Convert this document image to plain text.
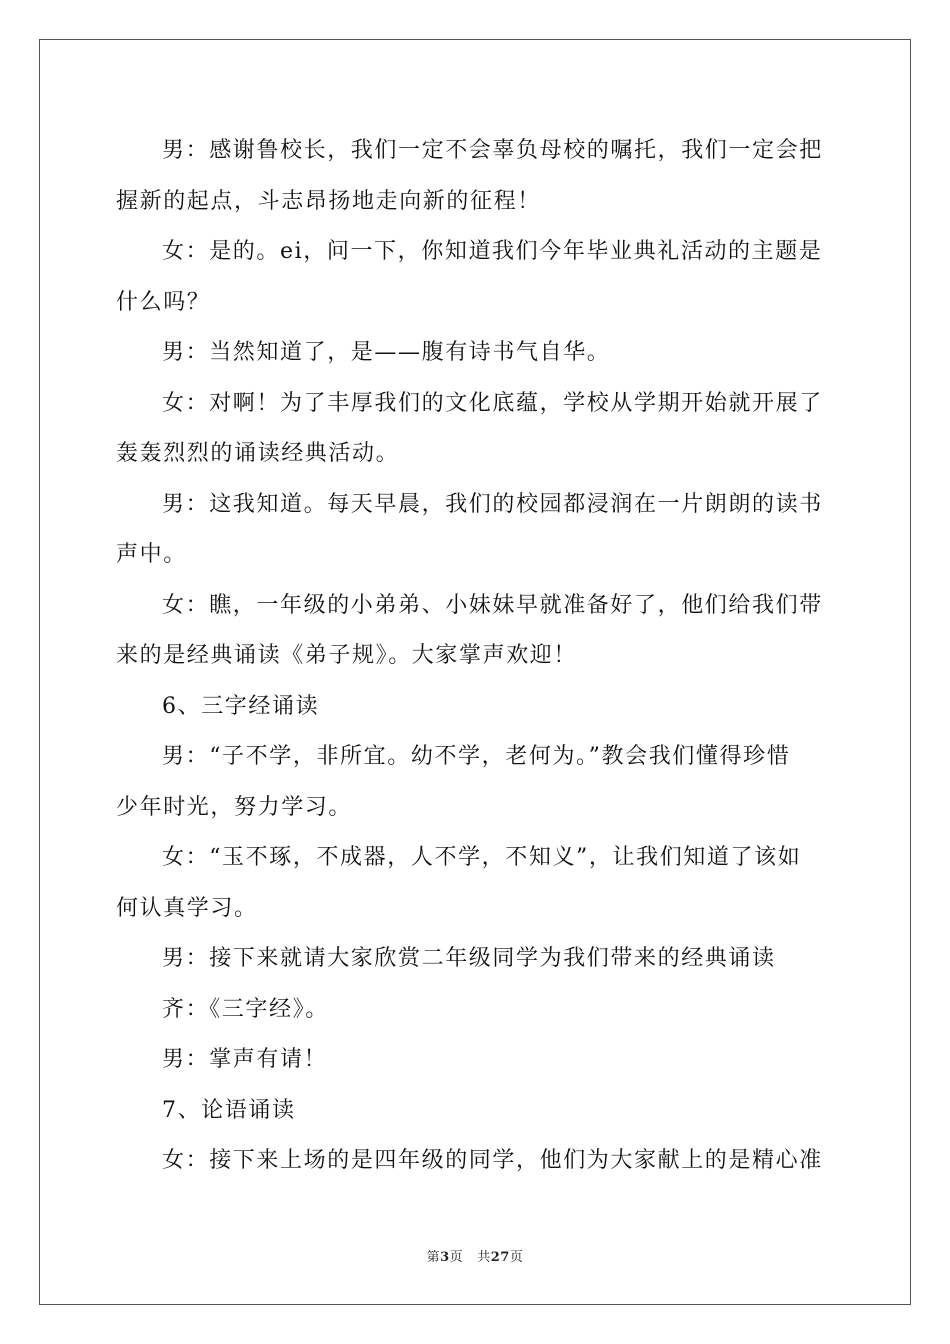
男：感谢鲁校长，我们一定不会辜负母校的嘱托，我们一定会把
握新的起点，斗志昂扬地走向新的征程！
女：是的。ei，问一下，你知道我们今年毕业典礼活动的主题是
什么吗？
男：当然知道了，是——腹有诗书气自华。
女：对啊！为了丰厚我们的文化底蕴，学校从学期开始就开展了
轰轰烈烈的诵读经典活动。
男：这我知道。每天早晨，我们的校园都浸润在一片朗朗的读书
声中。
女：瞧，一年级的小弟弟、小妹妹早就准备好了，他们给我们带
来的是经典诵读《弟子规》。大家掌声欢迎！
6、三字经诵读
男：“子不学，非所宜。幼不学，老何为。”教会我们懂得珍惜
少年时光，努力学习。
女：“玉不琢，不成器，人不学，不知义”，让我们知道了该如
何认真学习。
男：接下来就请大家欣赏二年级同学为我们带来的经典诵读
齐：《三字经》。
男：掌声有请！
7、论语诵读
女：接下来上场的是四年级的同学，他们为大家献上的是精心准
第3页 共27页
